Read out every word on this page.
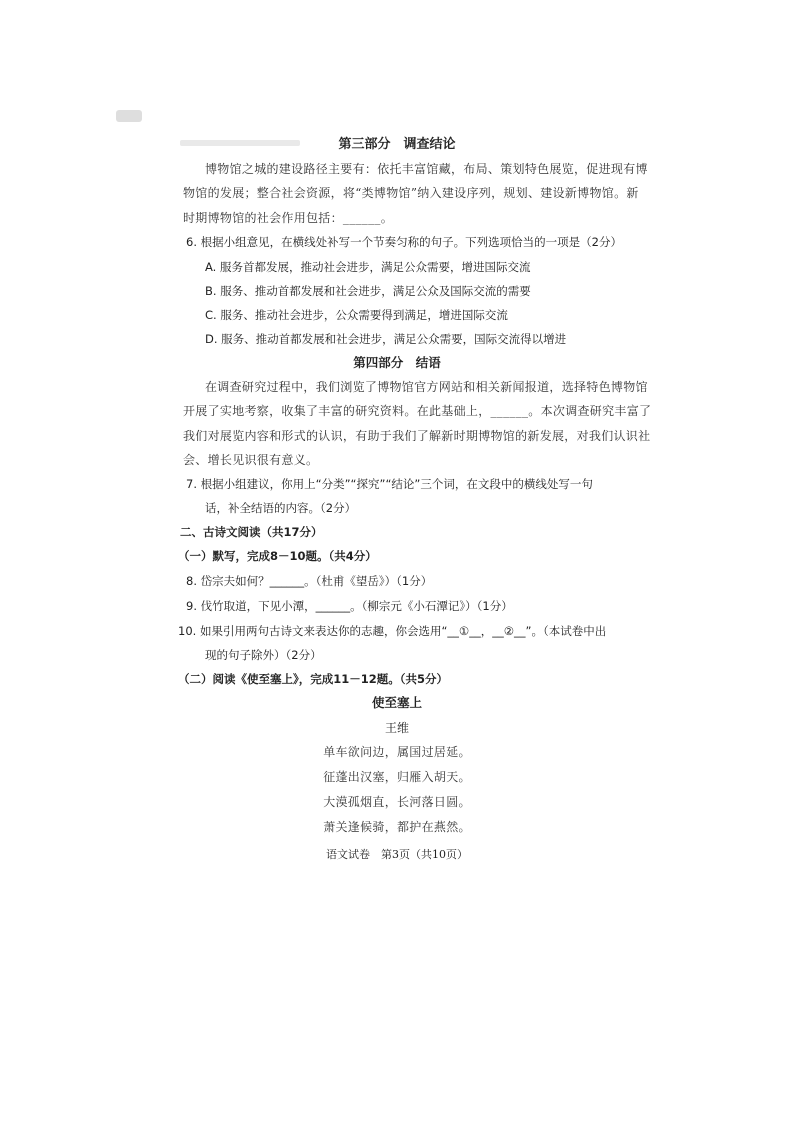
第三部分　调查结论
博物馆之城的建设路径主要有：依托丰富馆藏，布局、策划特色展览，促进现有博
物馆的发展；整合社会资源，将“类博物馆”纳入建设序列，规划、建设新博物馆。新
时期博物馆的社会作用包括：______。
6. 根据小组意见，在横线处补写一个节奏匀称的句子。下列选项恰当的一项是（2分）
A. 服务首都发展，推动社会进步，满足公众需要，增进国际交流
B. 服务、推动首都发展和社会进步，满足公众及国际交流的需要
C. 服务、推动社会进步，公众需要得到满足，增进国际交流
D. 服务、推动首都发展和社会进步，满足公众需要，国际交流得以增进
第四部分　结语
在调查研究过程中，我们浏览了博物馆官方网站和相关新闻报道，选择特色博物馆
开展了实地考察，收集了丰富的研究资料。在此基础上，______。本次调查研究丰富了
我们对展览内容和形式的认识，有助于我们了解新时期博物馆的新发展，对我们认识社
会、增长见识很有意义。
7. 根据小组建议，你用上“分类”“探究”“结论”三个词，在文段中的横线处写一句
话，补全结语的内容。（2分）
二、古诗文阅读（共17分）
（一）默写，完成8－10题。（共4分）
8. 岱宗夫如何？______。（杜甫《望岳》）（1分）
9. 伐竹取道，下见小潭，______。（柳宗元《小石潭记》）（1分）
10. 如果引用两句古诗文来表达你的志趣，你会选用“__①__，__②__”。（本试卷中出
现的句子除外）（2分）
（二）阅读《使至塞上》，完成11－12题。（共5分）
使至塞上
王维
单车欲问边，属国过居延。
征蓬出汉塞，归雁入胡天。
大漠孤烟直，长河落日圆。
萧关逢候骑，都护在燕然。
语文试卷　第3页（共10页）
